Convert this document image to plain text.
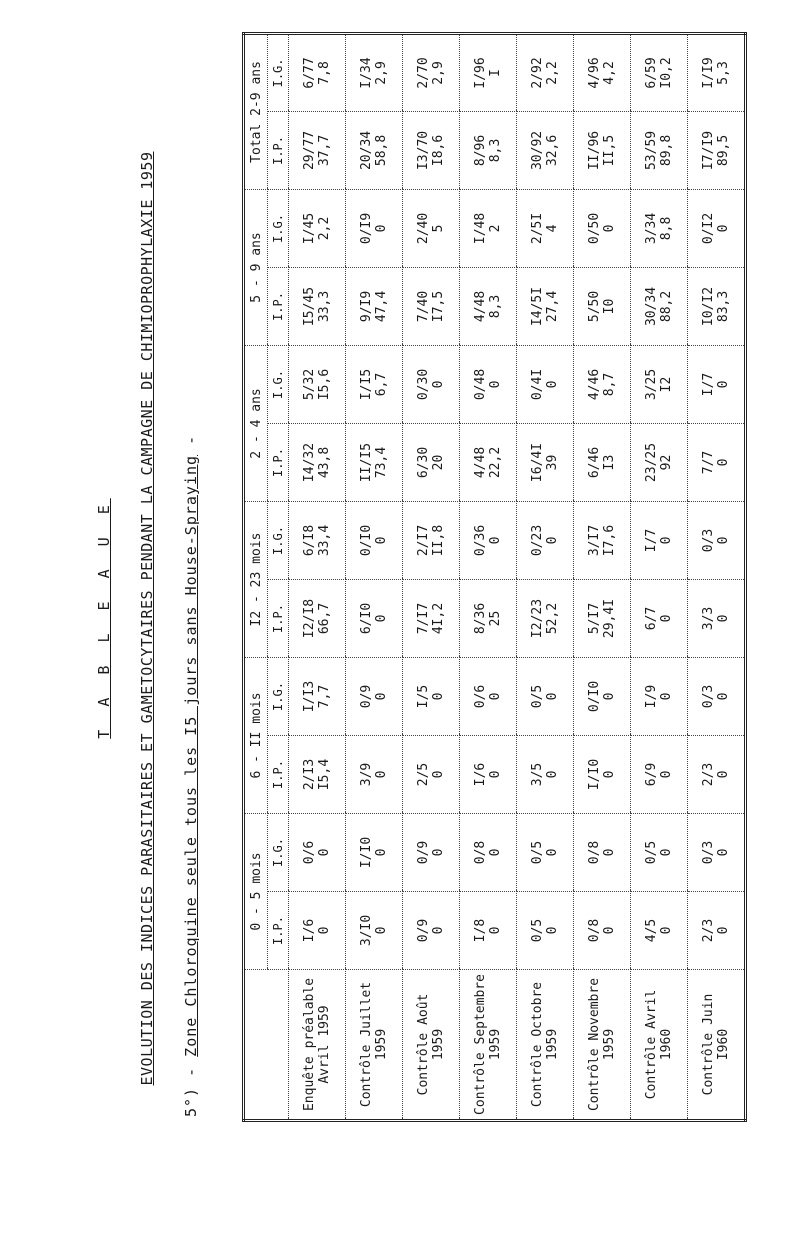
T A B L E A U E EVOLUTION DES INDICES PARASITAIRES ET GAMETOCYTAIRES PENDANT LA CAMPAGNE DE CHIMIOPROPHYLAXIE 1959
5°) - Zone Chloroquine seule tous les I5 jours sans House-Spraying -
	0 - 5 mois		6 - II mois		I2 - 23 mois		2 - 4 ans		5 - 9 ans		Total 2-9 ans	
	I.P.	I.G.	I.P.	I.G.	I.P.	I.G.	I.P.	I.G.	I.P.	I.G.	I.P.	I.G.

Enquête préalable Avril 1959	I/6 0	0/6 0	2/I3 I5,4	I/I3 7,7	I2/I8 66,7	6/I8 33,4	I4/32 43,8	5/32 I5,6	I5/45 33,3	I/45 2,2	29/77 37,7	6/77 7,8

Contrôle Juillet 1959	3/I0 0	I/I0 0	3/9 0	0/9 0	6/I0 0	0/I0 0	II/I5 73,4	I/I5 6,7	9/I9 47,4	0/I9 0	20/34 58,8	I/34 2,9

Contrôle Août 1959	0/9 0	0/9 0	2/5 0	I/5 0	7/I7 4I,2	2/I7 II,8	6/30 20	0/30 0	7/40 I7,5	2/40 5	I3/70 I8,6	2/70 2,9

Contrôle Septembre 1959	I/8 0	0/8 0	I/6 0	0/6 0	8/36 25	0/36 0	4/48 22,2	0/48 0	4/48 8,3	I/48 2	8/96 8,3	I/96 I

Contrôle Octobre 1959	0/5 0	0/5 0	3/5 0	0/5 0	I2/23 52,2	0/23 0	I6/4I 39	0/4I 0	I4/5I 27,4	2/5I 4	30/92 32,6	2/92 2,2

Contrôle Novembre 1959	0/8 0	0/8 0	I/I0 0	0/I0 0	5/I7 29,4I	3/I7 I7,6	6/46 I3	4/46 8,7	5/50 I0	0/50 0	II/96 II,5	4/96 4,2

Contrôle Avril 1960	4/5 0	0/5 0	6/9 0	I/9 0	6/7 0	I/7 0	23/25 92	3/25 I2	30/34 88,2	3/34 8,8	53/59 89,8	6/59 I0,2

Contrôle Juin I960	2/3 0	0/3 0	2/3 0	0/3 0	3/3 0	0/3 0	7/7 0	I/7 0	I0/I2 83,3	0/I2 0	I7/I9 89,5	I/I9 5,3
